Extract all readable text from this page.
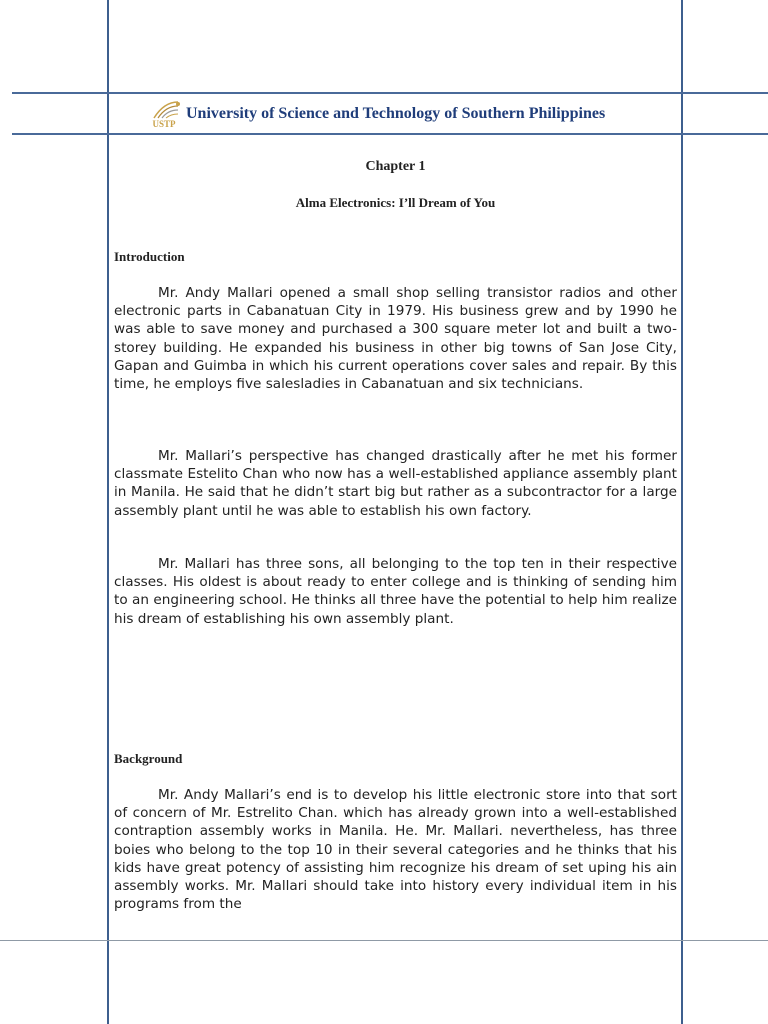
USTP
University of Science and Technology of Southern Philippines

Chapter 1

Alma Electronics: I’ll Dream of You

Introduction

Mr. Andy Mallari opened a small shop selling transistor radios and other electronic parts in Cabanatuan City in 1979. His business grew and by 1990 he was able to save money and purchased a 300 square meter lot and built a two-storey building. He expanded his business in other big towns of San Jose City, Gapan and Guimba in which his current operations cover sales and repair. By this time, he employs five salesladies in Cabanatuan and six technicians.

Mr. Mallari’s perspective has changed drastically after he met his former classmate Estelito Chan who now has a well-established appliance assembly plant in Manila. He said that he didn’t start big but rather as a subcontractor for a large assembly plant until he was able to establish his own factory.

Mr. Mallari has three sons, all belonging to the top ten in their respective classes. His oldest is about ready to enter college and is thinking of sending him to an engineering school. He thinks all three have the potential to help him realize his dream of establishing his own assembly plant.

Background

Mr. Andy Mallari’s end is to develop his little electronic store into that sort of concern of Mr. Estrelito Chan. which has already grown into a well-established contraption assembly works in Manila. He. Mr. Mallari. nevertheless, has three boies who belong to the top 10 in their several categories and he thinks that his kids have great potency of assisting him recognize his dream of set uping his ain assembly works. Mr. Mallari should take into history every individual item in his programs from the
